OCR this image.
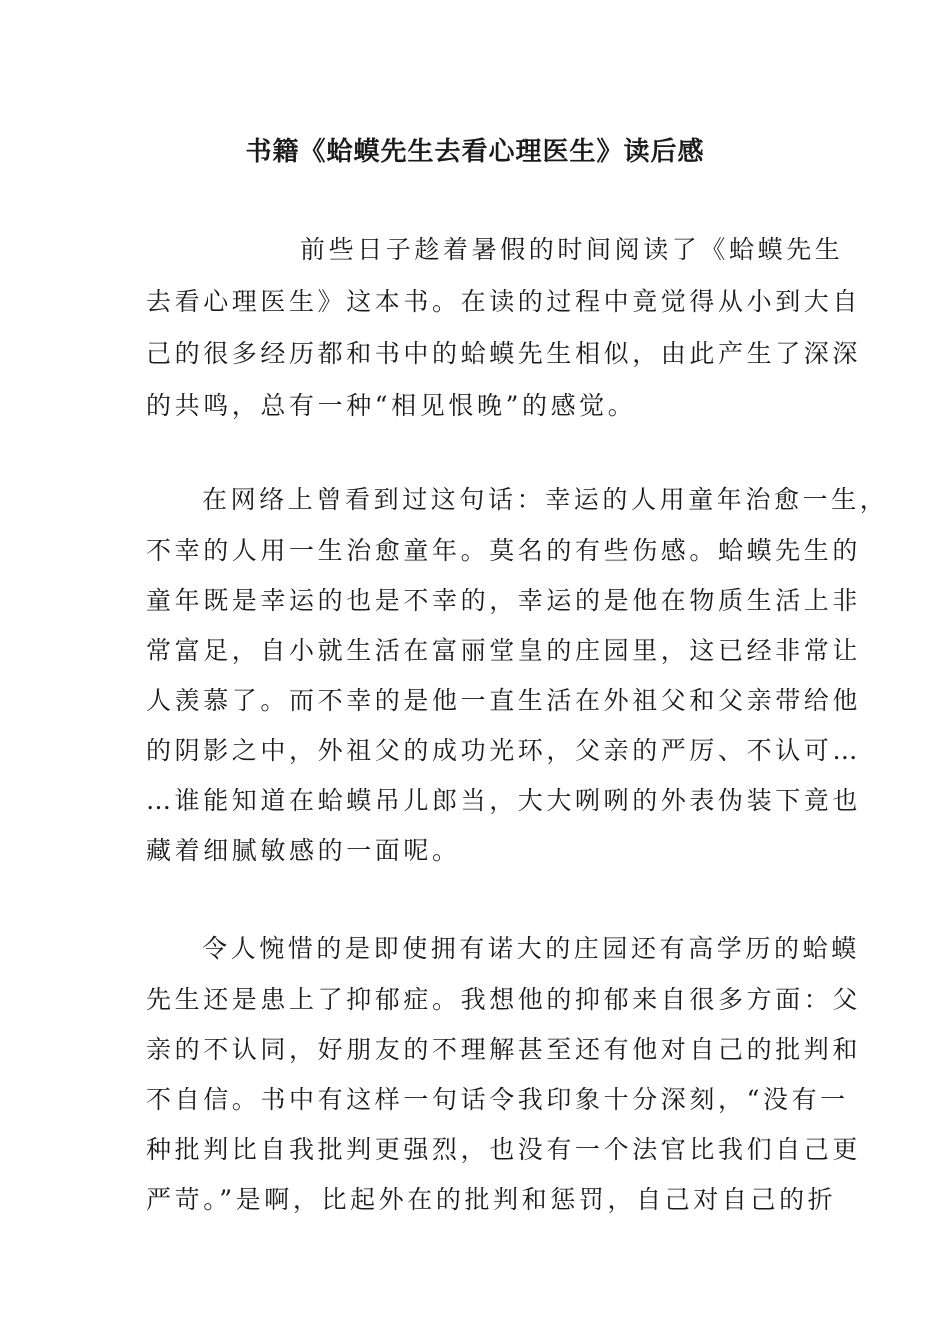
书籍《蛤蟆先生去看心理医生》读后感
前些日子趁着暑假的时间阅读了《蛤蟆先生
去看心理医生》这本书。在读的过程中竟觉得从小到大自
己的很多经历都和书中的蛤蟆先生相似，由此产生了深深
的共鸣，总有一种“相见恨晚”的感觉。
在网络上曾看到过这句话：幸运的人用童年治愈一生，
不幸的人用一生治愈童年。莫名的有些伤感。蛤蟆先生的
童年既是幸运的也是不幸的，幸运的是他在物质生活上非
常富足，自小就生活在富丽堂皇的庄园里，这已经非常让
人羡慕了。而不幸的是他一直生活在外祖父和父亲带给他
的阴影之中，外祖父的成功光环，父亲的严厉、不认可…
…谁能知道在蛤蟆吊儿郎当，大大咧咧的外表伪装下竟也
藏着细腻敏感的一面呢。
令人惋惜的是即使拥有诺大的庄园还有高学历的蛤蟆
先生还是患上了抑郁症。我想他的抑郁来自很多方面：父
亲的不认同，好朋友的不理解甚至还有他对自己的批判和
不自信。书中有这样一句话令我印象十分深刻，“没有一
种批判比自我批判更强烈，也没有一个法官比我们自己更
严苛。”是啊，比起外在的批判和惩罚，自己对自己的折
